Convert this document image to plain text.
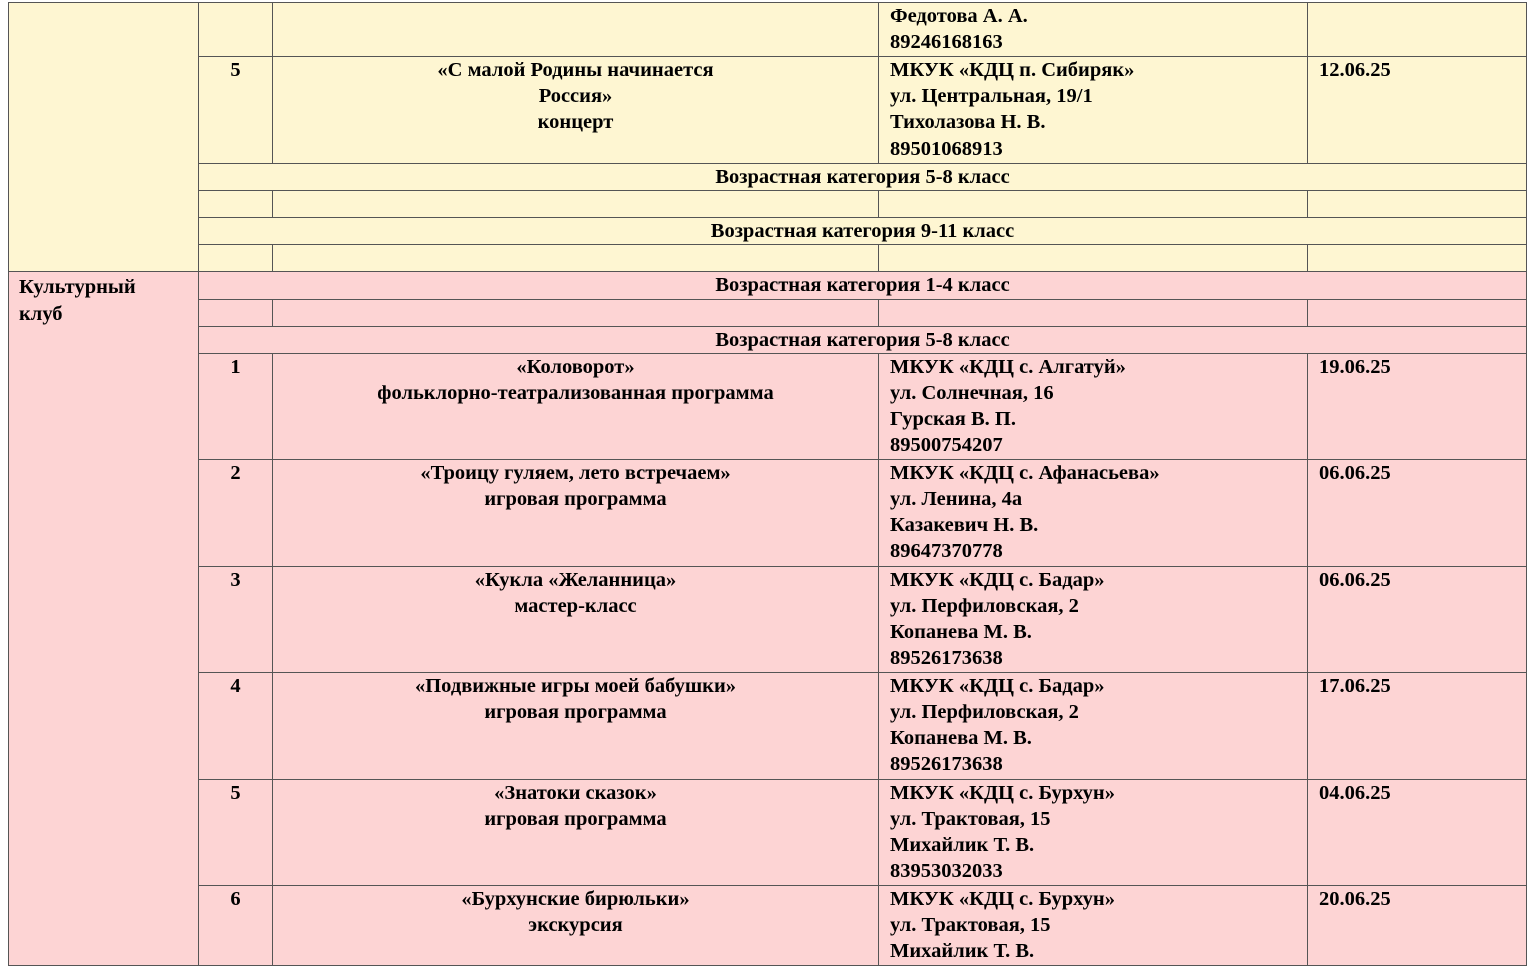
			Федотова А. А.
89246168163	

	5	«С малой Родины начинается
Россия»
концерт	МКУК «КДЦ п. Сибиряк»
ул. Центральная, 19/1
Тихолазова Н. В.
89501068913	12.06.25
	Возрастная категория 5-8 класс			

	Возрастная категория 9-11 класс			

Культурный
клуб	Возрастная категория 1-4 класс			

	Возрастная категория 5-8 класс			
	1	«Коловорот»
фольклорно-театрализованная программа	МКУК «КДЦ с. Алгатуй»
ул. Солнечная, 16
Гурская В. П.
89500754207	19.06.25
	2	«Троицу гуляем, лето встречаем»
игровая программа	МКУК «КДЦ с. Афанасьева»
ул. Ленина, 4а
Казакевич Н. В.
89647370778	06.06.25
	3	«Кукла «Желанница»
мастер-класс	МКУК «КДЦ с. Бадар»
ул. Перфиловская, 2
Копанева М. В.
89526173638	06.06.25
	4	«Подвижные игры моей бабушки»
игровая программа	МКУК «КДЦ с. Бадар»
ул. Перфиловская, 2
Копанева М. В.
89526173638	17.06.25
	5	«Знатоки сказок»
игровая программа	МКУК «КДЦ с. Бурхун»
ул. Трактовая, 15
Михайлик Т. В.
83953032033	04.06.25
	6	«Бурхунские бирюльки»
экскурсия	МКУК «КДЦ с. Бурхун»
ул. Трактовая, 15
Михайлик Т. В.	20.06.25
